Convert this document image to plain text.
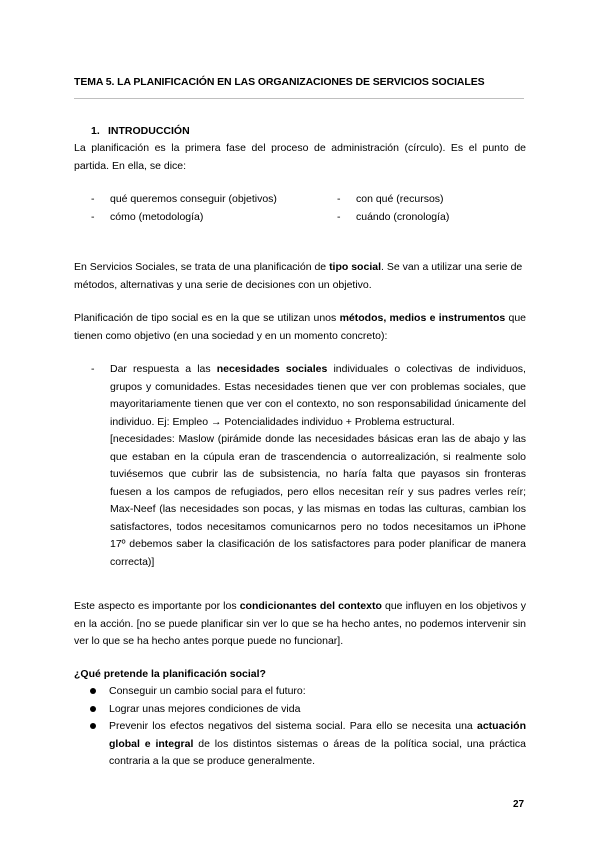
TEMA 5. LA PLANIFICACIÓN EN LAS ORGANIZACIONES DE SERVICIOS SOCIALES
1. INTRODUCCIÓN
La planificación es la primera fase del proceso de administración (círculo). Es el punto de partida. En ella, se dice:
- qué queremos conseguir (objetivos)
- cómo (metodología)
- con qué (recursos)
- cuándo (cronología)
En Servicios Sociales, se trata de una planificación de tipo social. Se van a utilizar una serie de métodos, alternativas y una serie de decisiones con un objetivo.
Planificación de tipo social es en la que se utilizan unos métodos, medios e instrumentos que tienen como objetivo (en una sociedad y en un momento concreto):
- Dar respuesta a las necesidades sociales individuales o colectivas de individuos, grupos y comunidades. Estas necesidades tienen que ver con problemas sociales, que mayoritariamente tienen que ver con el contexto, no son responsabilidad únicamente del individuo. Ej: Empleo → Potencialidades individuo + Problema estructural.
[necesidades: Maslow (pirámide donde las necesidades básicas eran las de abajo y las que estaban en la cúpula eran de trascendencia o autorrealización, si realmente solo tuviésemos que cubrir las de subsistencia, no haría falta que payasos sin fronteras fuesen a los campos de refugiados, pero ellos necesitan reír y sus padres verles reír; Max-Neef (las necesidades son pocas, y las mismas en todas las culturas, cambian los satisfactores, todos necesitamos comunicarnos pero no todos necesitamos un iPhone 17º debemos saber la clasificación de los satisfactores para poder planificar de manera correcta)]
Este aspecto es importante por los condicionantes del contexto que influyen en los objetivos y en la acción. [no se puede planificar sin ver lo que se ha hecho antes, no podemos intervenir sin ver lo que se ha hecho antes porque puede no funcionar].
¿Qué pretende la planificación social?
Conseguir un cambio social para el futuro:
Lograr unas mejores condiciones de vida
Prevenir los efectos negativos del sistema social. Para ello se necesita una actuación global e integral de los distintos sistemas o áreas de la política social, una práctica contraria a la que se produce generalmente.
27
